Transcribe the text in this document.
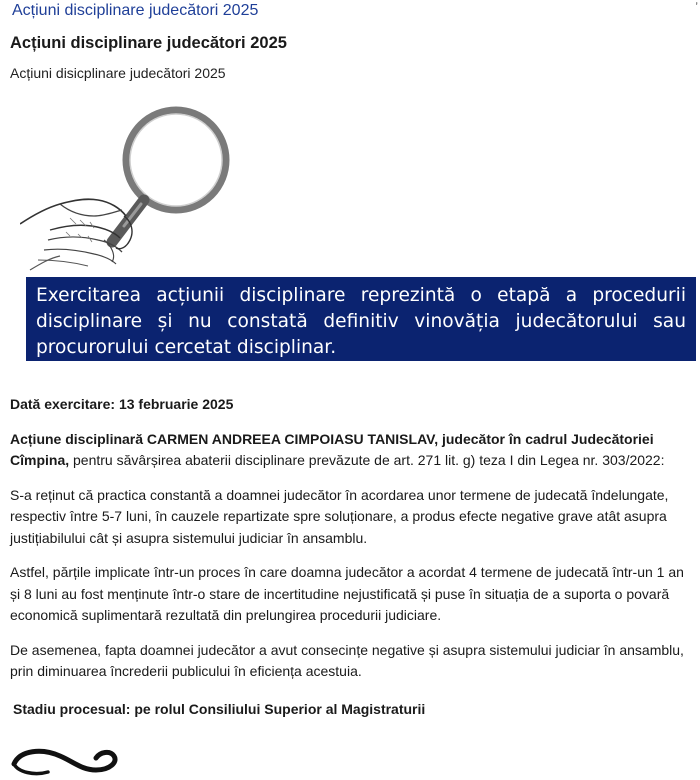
Acțiuni disciplinare judecători 2025	ʼ
Acțiuni disciplinare judecători 2025

Acțiuni disicplinare judecători 2025

Exercitarea acțiunii disciplinare reprezintă o etapă a procedurii disciplinare și nu constată definitiv vinovăția judecătorului sau procurorului cercetat disciplinar.

Dată exercitare: 13 februarie 2025

Acțiune disciplinară CARMEN ANDREEA CIMPOIASU TANISLAV, judecător în cadrul Judecătoriei Cîmpina, pentru săvârșirea abaterii disciplinare prevăzute de art. 271 lit. g) teza I din Legea nr. 303/2022:

S-a reținut că practica constantă a doamnei judecător în acordarea unor termene de judecată îndelungate, respectiv între 5-7 luni, în cauzele repartizate spre soluționare, a produs efecte negative grave atât asupra justițiabilului cât și asupra sistemului judiciar în ansamblu.

Astfel, părțile implicate într-un proces în care doamna judecător a acordat 4 termene de judecată într-un 1 an și 8 luni au fost menținute într-o stare de incertitudine nejustificată și puse în situația de a suporta o povară economică suplimentară rezultată din prelungirea procedurii judiciare.

De asemenea, fapta doamnei judecător a avut consecințe negative și asupra sistemului judiciar în ansamblu, prin diminuarea încrederii publicului în eficiența acestuia.

Stadiu procesual: pe rolul Consiliului Superior al Magistraturii
